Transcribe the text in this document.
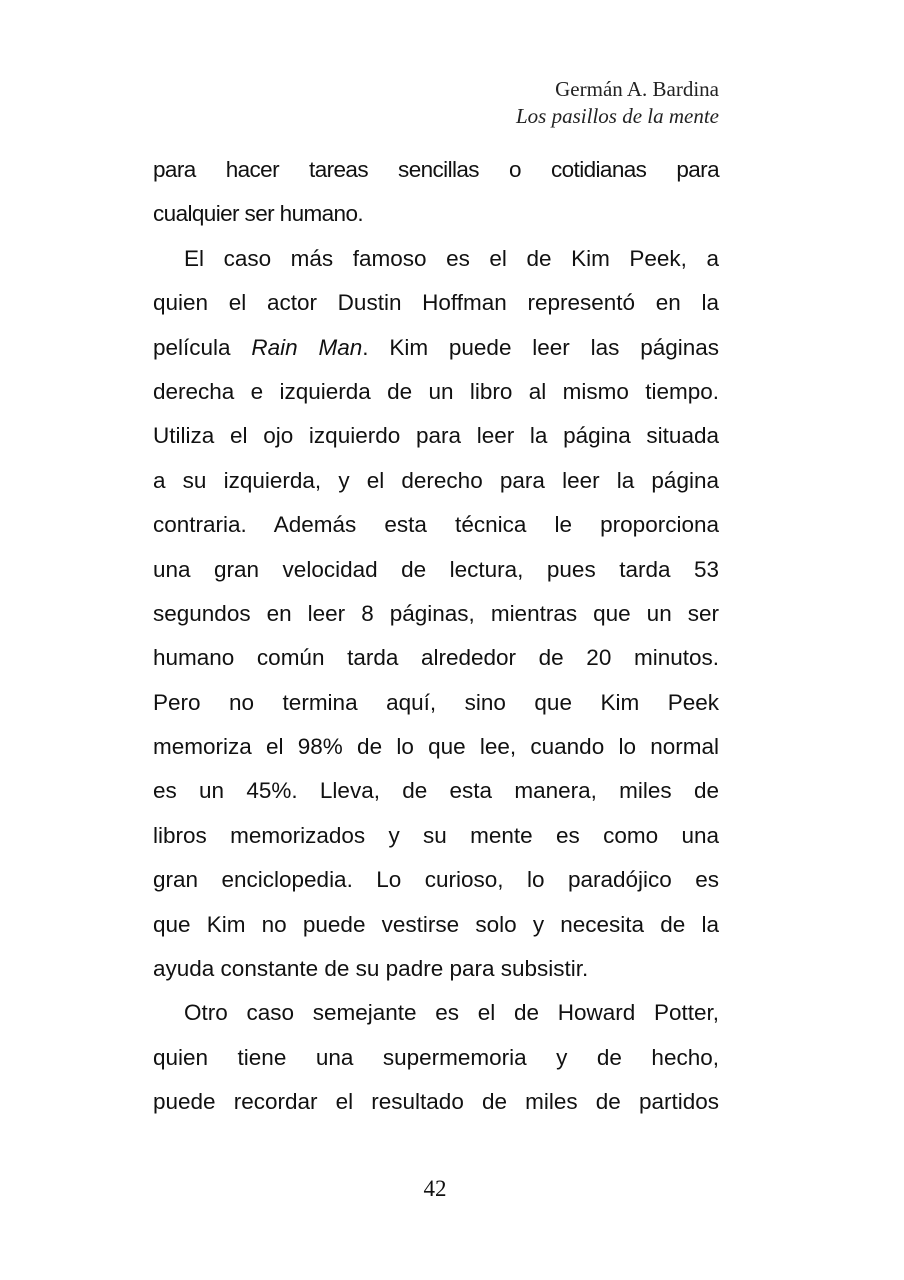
Germán A. Bardina
Los pasillos de la mente
para hacer tareas sencillas o cotidianas para
cualquier ser humano.
El caso más famoso es el de Kim Peek, a
quien el actor Dustin Hoffman representó en la
película Rain Man. Kim puede leer las páginas
derecha e izquierda de un libro al mismo tiempo.
Utiliza el ojo izquierdo para leer la página situada
a su izquierda, y el derecho para leer la página
contraria. Además esta técnica le proporciona
una gran velocidad de lectura, pues tarda 53
segundos en leer 8 páginas, mientras que un ser
humano común tarda alrededor de 20 minutos.
Pero no termina aquí, sino que Kim Peek
memoriza el 98% de lo que lee, cuando lo normal
es un 45%. Lleva, de esta manera, miles de
libros memorizados y su mente es como una
gran enciclopedia. Lo curioso, lo paradójico es
que Kim no puede vestirse solo y necesita de la
ayuda constante de su padre para subsistir.
Otro caso semejante es el de Howard Potter,
quien tiene una supermemoria y de hecho,
puede recordar el resultado de miles de partidos
42
